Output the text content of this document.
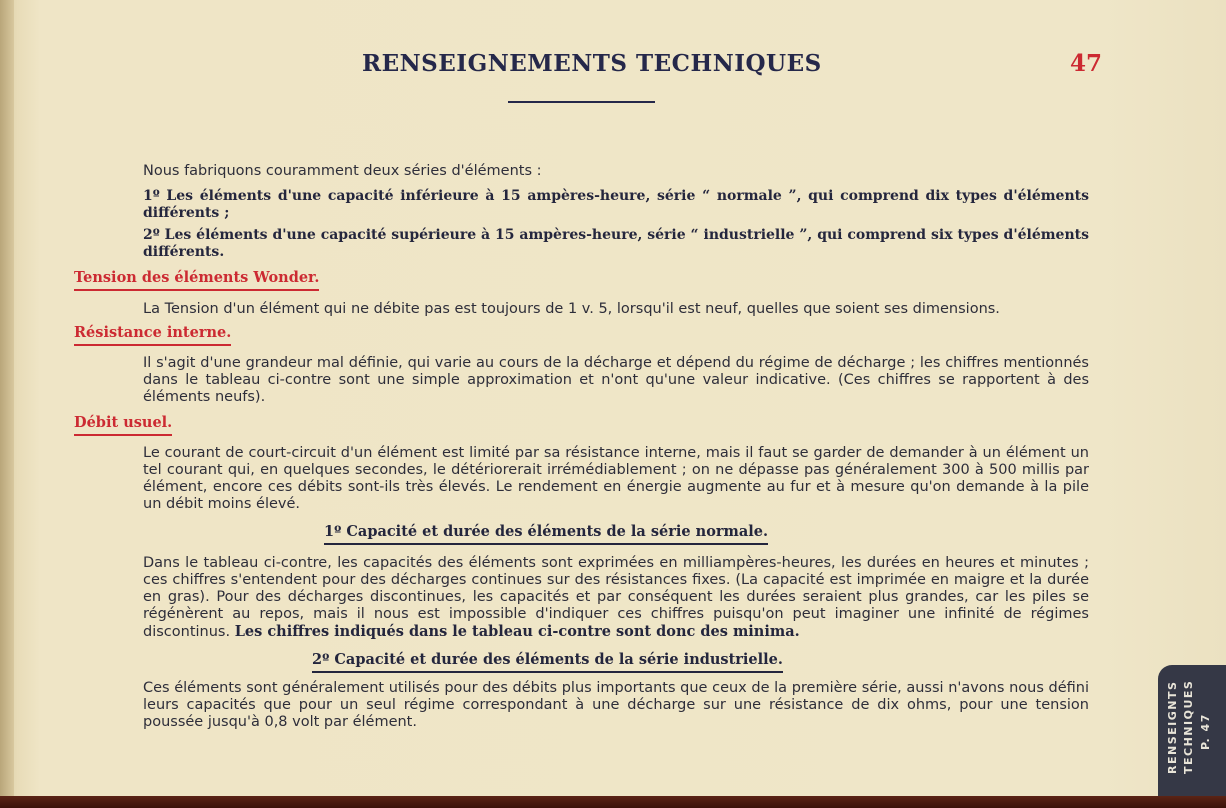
RENSEIGNEMENTS TECHNIQUES	47
Nous fabriquons couramment deux séries d'éléments :
1º Les éléments d'une capacité inférieure à 15 ampères-heure, série “ normale ”, qui comprend dix types d'éléments différents ;
2º Les éléments d'une capacité supérieure à 15 ampères-heure, série “ industrielle ”, qui comprend six types d'éléments différents.
Tension des éléments Wonder.
La Tension d'un élément qui ne débite pas est toujours de 1 v. 5, lorsqu'il est neuf, quelles que soient ses dimensions.
Résistance interne.
Il s'agit d'une grandeur mal définie, qui varie au cours de la décharge et dépend du régime de décharge ; les chiffres mentionnés dans le tableau ci-contre sont une simple approximation et n'ont qu'une valeur indicative. (Ces chiffres se rapportent à des éléments neufs).
Débit usuel.
Le courant de court-circuit d'un élément est limité par sa résistance interne, mais il faut se garder de demander à un élément un tel courant qui, en quelques secondes, le détériorerait irrémédiablement ; on ne dépasse pas généralement 300 à 500 millis par élément, encore ces débits sont-ils très élevés. Le rendement en énergie augmente au fur et à mesure qu'on demande à la pile un débit moins élevé.
1º Capacité et durée des éléments de la série normale.
Dans le tableau ci-contre, les capacités des éléments sont exprimées en milliampères-heures, les durées en heures et minutes ; ces chiffres s'entendent pour des décharges continues sur des résistances fixes. (La capacité est imprimée en maigre et la durée en gras). Pour des décharges discontinues, les capacités et par conséquent les durées seraient plus grandes, car les piles se régénèrent au repos, mais il nous est impossible d'indiquer ces chiffres puisqu'on peut imaginer une infinité de régimes discontinus. Les chiffres indiqués dans le tableau ci-contre sont donc des minima.
2º Capacité et durée des éléments de la série industrielle.
Ces éléments sont généralement utilisés pour des débits plus importants que ceux de la première série, aussi n'avons nous défini leurs capacités que pour un seul régime correspondant à une décharge sur une résistance de dix ohms, pour une tension poussée jusqu'à 0,8 volt par élément.	RENSEIGNTS TECHNIQUES P. 47
